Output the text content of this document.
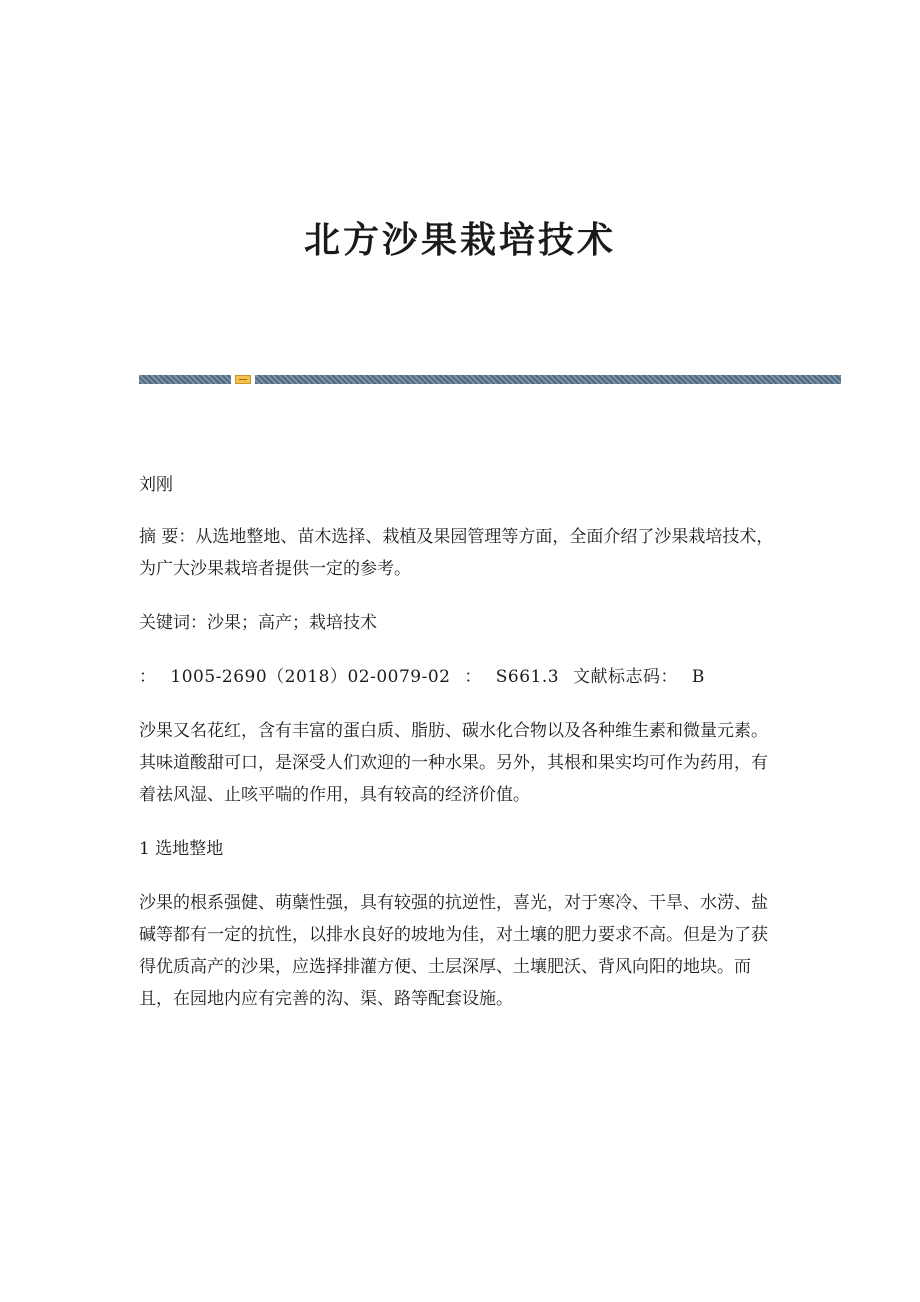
北方沙果栽培技术

刘刚

摘 要：从选地整地、苗木选择、栽植及果园管理等方面，全面介绍了沙果栽培技术，为广大沙果栽培者提供一定的参考。

关键词：沙果；高产；栽培技术

： 1005-2690（2018）02-0079-02 ： S661.3 文献标志码： B

沙果又名花红，含有丰富的蛋白质、脂肪、碳水化合物以及各种维生素和微量元素。其味道酸甜可口，是深受人们欢迎的一种水果。另外，其根和果实均可作为药用，有着祛风湿、止咳平喘的作用，具有较高的经济价值。

1 选地整地

沙果的根系强健、萌蘖性强，具有较强的抗逆性，喜光，对于寒冷、干旱、水涝、盐碱等都有一定的抗性，以排水良好的坡地为佳，对土壤的肥力要求不高。但是为了获得优质高产的沙果，应选择排灌方便、土层深厚、土壤肥沃、背风向阳的地块。而且，在园地内应有完善的沟、渠、路等配套设施。
